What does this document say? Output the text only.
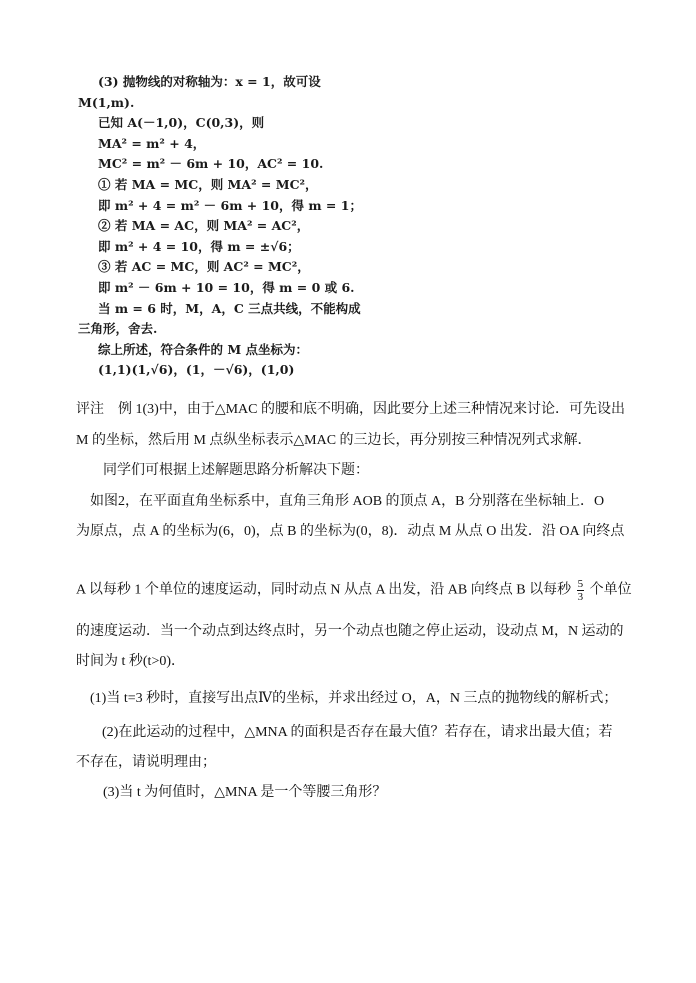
(3) 抛物线的对称轴为：x = 1，故可设
M(1,m).
已知 A(－1,0)，C(0,3)，则
MA² = m² + 4，
MC² = m² － 6m + 10，AC² = 10.
① 若 MA = MC，则 MA² = MC²，
即 m² + 4 = m² － 6m + 10，得 m = 1；
② 若 MA = AC，则 MA² = AC²，
即 m² + 4 = 10，得 m = ±√6；
③ 若 AC = MC，则 AC² = MC²，
即 m² － 6m + 10 = 10，得 m = 0 或 6.
当 m = 6 时，M，A，C 三点共线，不能构成
三角形，舍去.
综上所述，符合条件的 M 点坐标为：
(1,1)(1,√6)，(1，－√6)，(1,0)

评注　例 1(3)中，由于△MAC 的腰和底不明确，因此要分上述三种情况来讨论．可先设出

M 的坐标，然后用 M 点纵坐标表示△MAC 的三边长，再分别按三种情况列式求解．

同学们可根据上述解题思路分析解决下题：

如图2，在平面直角坐标系中，直角三角形 AOB 的顶点 A，B 分别落在坐标轴上．O

为原点，点 A 的坐标为(6，0)，点 B 的坐标为(0，8)．动点 M 从点 O 出发．沿 OA 向终点

A 以每秒 1 个单位的速度运动，同时动点 N 从点 A 出发，沿 AB 向终点 B 以每秒 $\frac{5}{3}$ 个单位

的速度运动．当一个动点到达终点时，另一个动点也随之停止运动，设动点 M，N 运动的

时间为 t 秒(t>0)．

(1)当 t=3 秒时，直接写出点Ⅳ的坐标，并求出经过 O，A，N 三点的抛物线的解析式；

(2)在此运动的过程中，△MNA 的面积是否存在最大值？若存在，请求出最大值；若

不存在，请说明理由；

(3)当 t 为何值时，△MNA 是一个等腰三角形？
